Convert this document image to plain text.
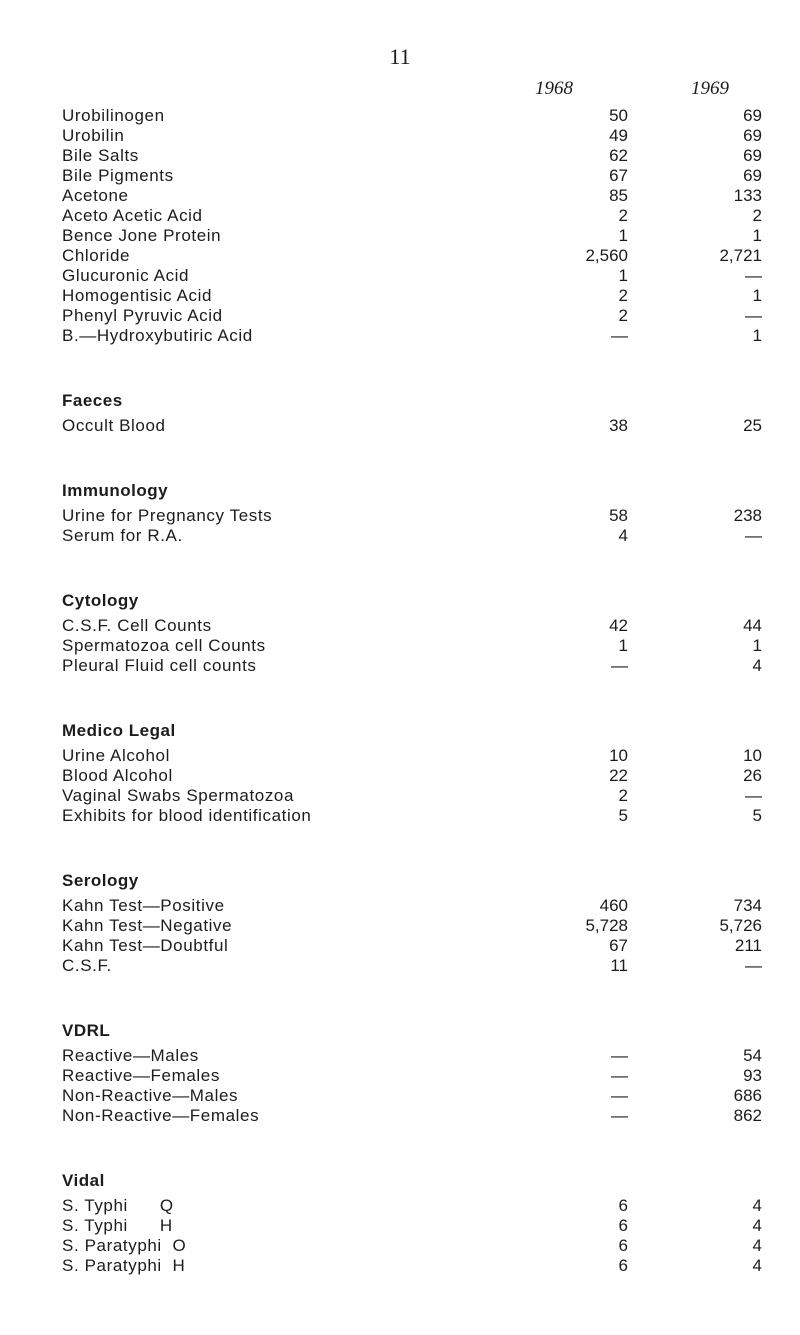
11
1968	1969
Urobilinogen	50	69
Urobilin	49	69
Bile Salts	62	69
Bile Pigments	67	69
Acetone	85	133
Aceto Acetic Acid	2	2
Bence Jone Protein	1	1
Chloride	2,560	2,721
Glucuronic Acid	1	—
Homogentisic Acid	2	1
Phenyl Pyruvic Acid	2	—
B.—Hydroxybutiric Acid	—	1
Faeces
Occult Blood	38	25
Immunology
Urine for Pregnancy Tests	58	238
Serum for R.A.	4	—
Cytology
C.S.F. Cell Counts	42	44
Spermatozoa cell Counts	1	1
Pleural Fluid cell counts	—	4
Medico Legal
Urine Alcohol	10	10
Blood Alcohol	22	26
Vaginal Swabs Spermatozoa	2	—
Exhibits for blood identification	5	5
Serology
Kahn Test—Positive	460	734
Kahn Test—Negative	5,728	5,726
Kahn Test—Doubtful	67	211
C.S.F.	11	—
VDRL
Reactive—Males	—	54
Reactive—Females	—	93
Non-Reactive—Males	—	686
Non-Reactive—Females	—	862
Vidal
S. Typhi      Q	6	4
S. Typhi      H	6	4
S. Paratyphi  O	6	4
S. Paratyphi  H	6	4
